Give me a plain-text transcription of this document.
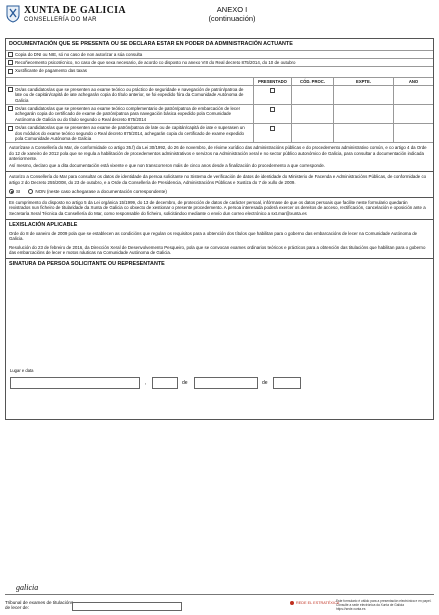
XUNTA DE GALICIA
CONSELLERÍA DO MAR
ANEXO I
(continuación)
DOCUMENTACIÓN QUE SE PRESENTA OU SE DECLARA ESTAR EN PODER DA ADMINISTRACIÓN ACTUANTE
Copia do DNI ou NIE, só no caso de non autorizar a súa consulta
Recoñecemento psicotécnico, no caso de que sexa necesario, de acordo co disposto no anexo VIII do Real decreto 875/2014, do 10 de outubro
Xustificante de pagamento das taxas
PRESENTADO	CÓD. PROC.	EXPTE.	ANO
Os/as candidatos/as que se presenten ao exame teórico ou práctico de seguridade e navegación de patrón/patroa de late ou de capitán/capitá de iate achegarán copia do título anterior, se foi expedido fóra da Comunidade Autónoma de Galicia
Os/as candidatos/as que se presenten ao exame teórico complementario de patrón/patroa de embarcación de lecer achegarán copia do certificado de exame de patrón/patroa para navegación básica expedido pola Comunidade Autónoma de Galicia ou do título segundo o Real decreto 875/2014
Os/as candidatos/as que se presenten ao exame de patrón/patroa de late ou de capitán/capitá de iate e superasen un dos módulos do exame teórico segundo o Real decreto 875/2014, achegarán copia do certificado de exame expedido pola Comunidade Autónoma de Galicia

Autorízase a Consellería do Mar, de conformidade co artigo 35.f) da Lei 30/1992, do 26 de novembro, de réxime xurídico das administracións públicas e do procedemento administrativo común, e co artigo 4 da Orde do 12 de xaneiro de 2012 pola que se regula a habilitación de procedementos administrativos e servizos na Administración xeral e no sector público autonómico de Galicia, para consultar a documentación indicada anteriormente.

Así mesmo, declaro que a dita documentación está vixente e que non transcorreron máis de cinco anos desde a finalización do procedemento a que corresponde.

Autorizo a Consellería do Mar para consultar os datos de identidade da persoa solicitante no Sistema de verificación de datos de identidade do Ministerio de Facenda e Administracións Públicas, de conformidade co artigo 2 do Decreto 255/2008, do 23 de outubro, e a Orde da Consellería de Presidencia, Administracións Públicas e Xustiza do 7 de xullo de 2009.

SI	NON (neste caso achegarase a documentación correspondente)

En cumprimento do disposto no artigo 5 da Lei orgánica 15/1999, do 13 de decembro, de protección de datos de carácter persoal, infórmase de que os datos persoais que facilite neste formulario quedarán rexistrados nun ficheiro de titularidade da Xunta de Galicia co obxecto de xestionar o presente procedemento. A persoa interesada poderá exercer os dereitos de acceso, rectificación, cancelación e oposición ante a Secretaría Xeral Técnica da Consellería do Mar, como responsable do ficheiro, solicitándoo mediante o envío dun correo electrónico a sxt.mar@xunta.es

LEXISLACIÓN APLICABLE

Orde do 8 de xaneiro de 2009 pola que se establecen as condicións que regulan os requisitos para a obtención dos títulos que habilitan para o goberno das embarcacións de lecer na Comunidade Autónoma de Galicia.

Resolución do 23 de febreiro de 2016, da Dirección Xeral de Desenvolvemento Pesqueiro, pola que se convocan exames ordinarios teóricos e prácticos para a obtención das titulacións que habilitan para o goberno das embarcacións de lecer e motos náuticas na Comunidade Autónoma de Galicia.

SINATURA DA PERSOA SOLICITANTE OU REPRESENTANTE
Lugar e data
,	de	de
galicia
Tribunal de exames de titulacións de lecer de:
REDE EL ESTRATÉXICA
Este formulario é válido para a presentación electrónica e en papel. Consulte a sede electrónica da Xunta de Galicia https://sede.xunta.es
